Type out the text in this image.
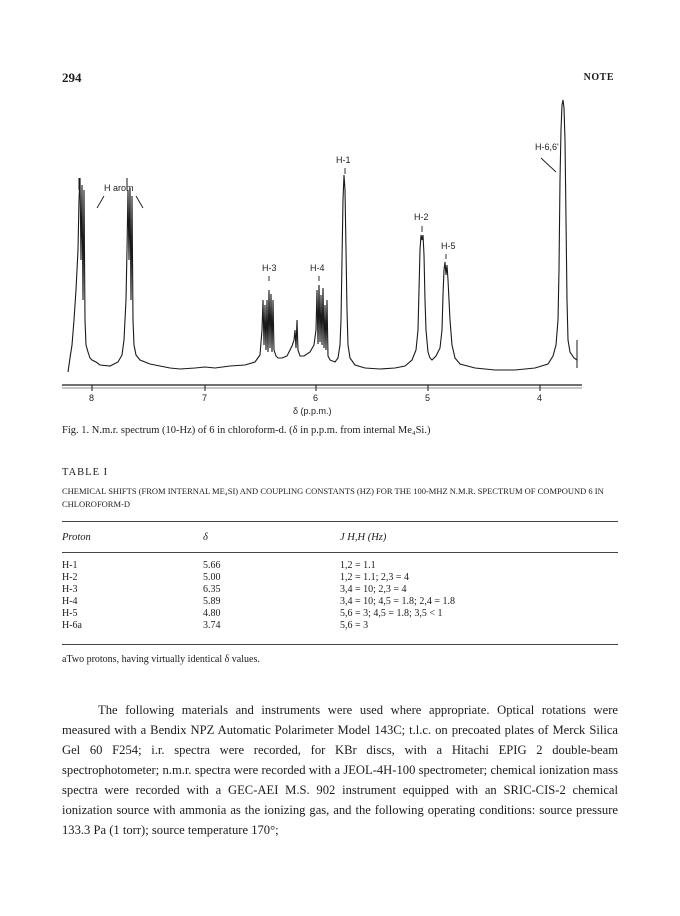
294	NOTE
H arom
H-1
H-2
H-5
H-3	H-4
H-6,6'
8	7	6	5	4
δ (p.p.m.)
Fig. 1. N.m.r. spectrum (10-Hz) of 6 in chloroform-d. (δ in p.p.m. from internal Me₄Si.)
TABLE I
CHEMICAL SHIFTS (FROM INTERNAL ME₄SI) AND COUPLING CONSTANTS (HZ) FOR THE 100-MHZ N.M.R. SPECTRUM OF COMPOUND 6 IN CHLOROFORM-D
Proton	δ	J H,H (Hz)
H-1	5.66	1,2 = 1.1
H-2	5.00	1,2 = 1.1; 2,3 = 4
H-3	6.35	3,4 = 10; 2,3 = 4
H-4	5.89	3,4 = 10; 4,5 = 1.8; 2,4 = 1.8
H-5	4.80	5,6 = 3; 4,5 = 1.8; 3,5 < 1
H-6a	3.74	5,6 = 3
aTwo protons, having virtually identical δ values.

The following materials and instruments were used where appropriate. Optical rotations were measured with a Bendix NPZ Automatic Polarimeter Model 143C; t.l.c. on precoated plates of Merck Silica Gel 60 F254; i.r. spectra were recorded, for KBr discs, with a Hitachi EPIG 2 double-beam spectrophotometer; n.m.r. spectra were recorded with a JEOL-4H-100 spectrometer; chemical ionization mass spectra were recorded with a GEC-AEI M.S. 902 instrument equipped with an SRIC-CIS-2 chemical ionization source with ammonia as the ionizing gas, and the following operating conditions: source pressure 133.3 Pa (1 torr); source temperature 170°;
